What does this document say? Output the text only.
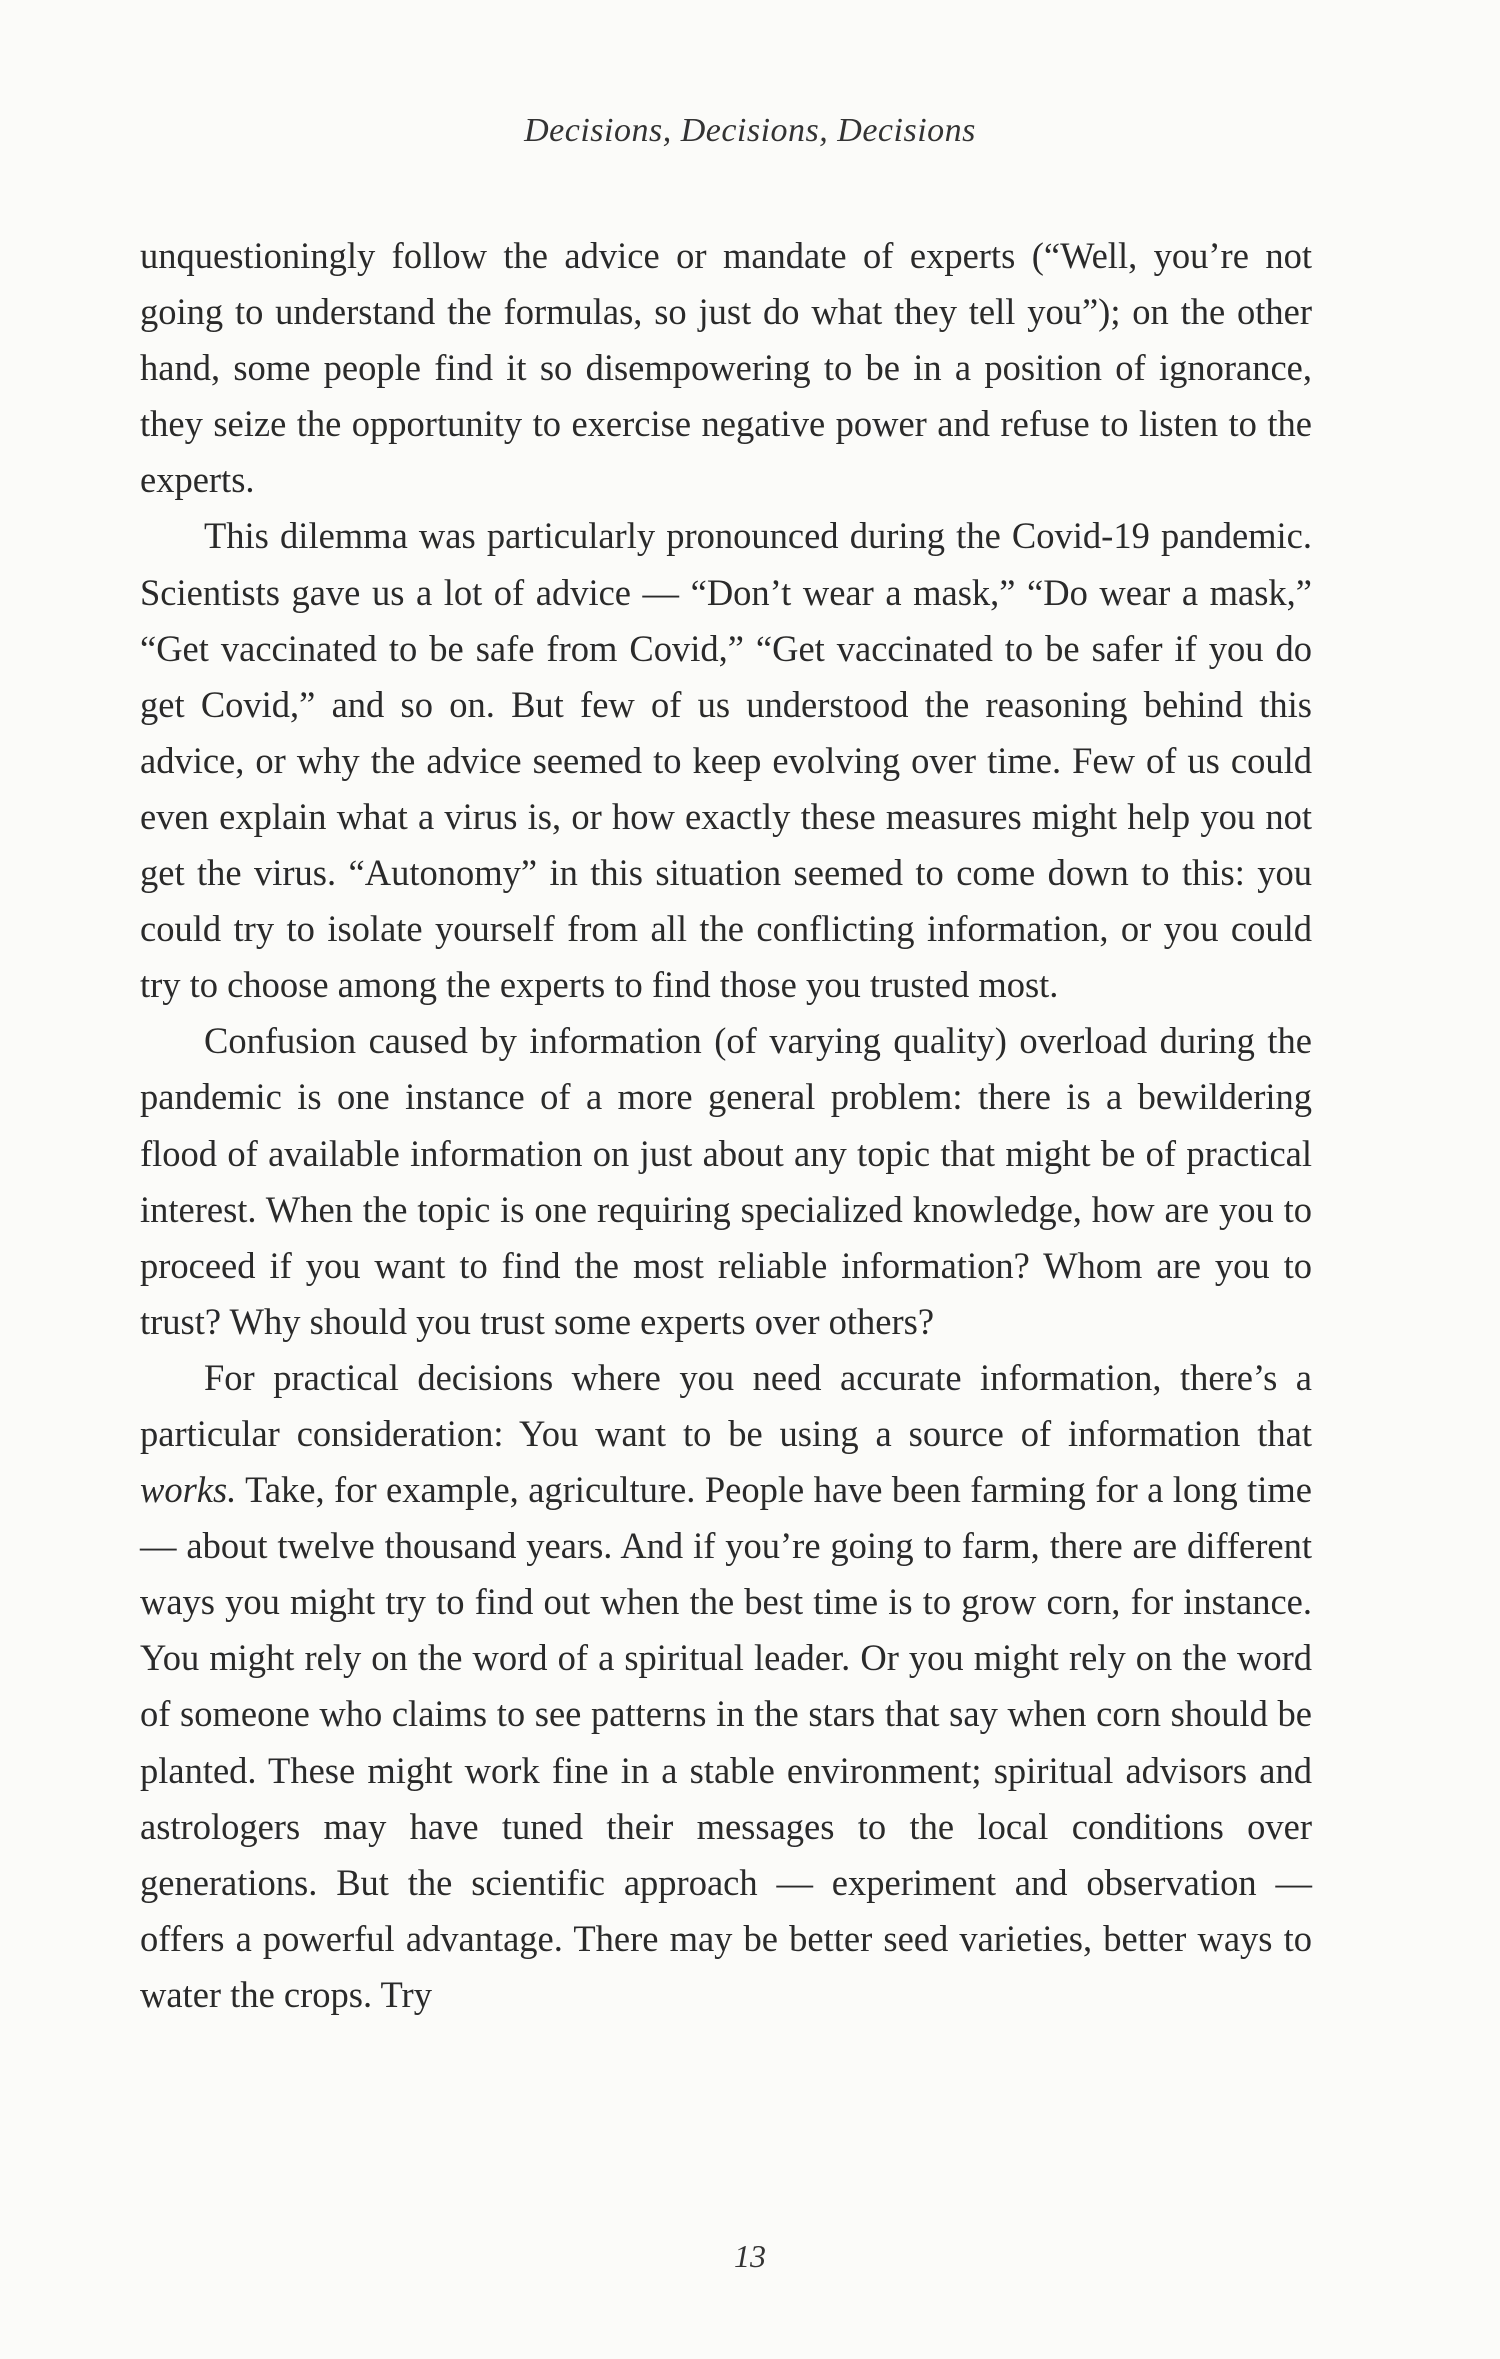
Decisions, Decisions, Decisions

unquestioningly follow the advice or mandate of experts (“Well, you’re not going to understand the formulas, so just do what they tell you”); on the other hand, some people find it so disempowering to be in a position of ignorance, they seize the opportunity to exercise negative power and refuse to listen to the experts.

This dilemma was particularly pronounced during the Covid-19 pandemic. Scientists gave us a lot of advice — “Don’t wear a mask,” “Do wear a mask,” “Get vaccinated to be safe from Covid,” “Get vaccinated to be safer if you do get Covid,” and so on. But few of us understood the reasoning behind this advice, or why the advice seemed to keep evolving over time. Few of us could even explain what a virus is, or how exactly these measures might help you not get the virus. “Autonomy” in this situation seemed to come down to this: you could try to isolate yourself from all the conflicting information, or you could try to choose among the experts to find those you trusted most.

Confusion caused by information (of varying quality) overload during the pandemic is one instance of a more general problem: there is a bewildering flood of available information on just about any topic that might be of practical interest. When the topic is one requiring specialized knowledge, how are you to proceed if you want to find the most reliable information? Whom are you to trust? Why should you trust some experts over others?

For practical decisions where you need accurate information, there’s a particular consideration: You want to be using a source of information that works. Take, for example, agriculture. People have been farming for a long time — about twelve thousand years. And if you’re going to farm, there are different ways you might try to find out when the best time is to grow corn, for instance. You might rely on the word of a spiritual leader. Or you might rely on the word of someone who claims to see patterns in the stars that say when corn should be planted. These might work fine in a stable environment; spiritual advisors and astrologers may have tuned their messages to the local conditions over generations. But the scientific approach — experiment and observation — offers a powerful advantage. There may be better seed varieties, better ways to water the crops. Try

13
